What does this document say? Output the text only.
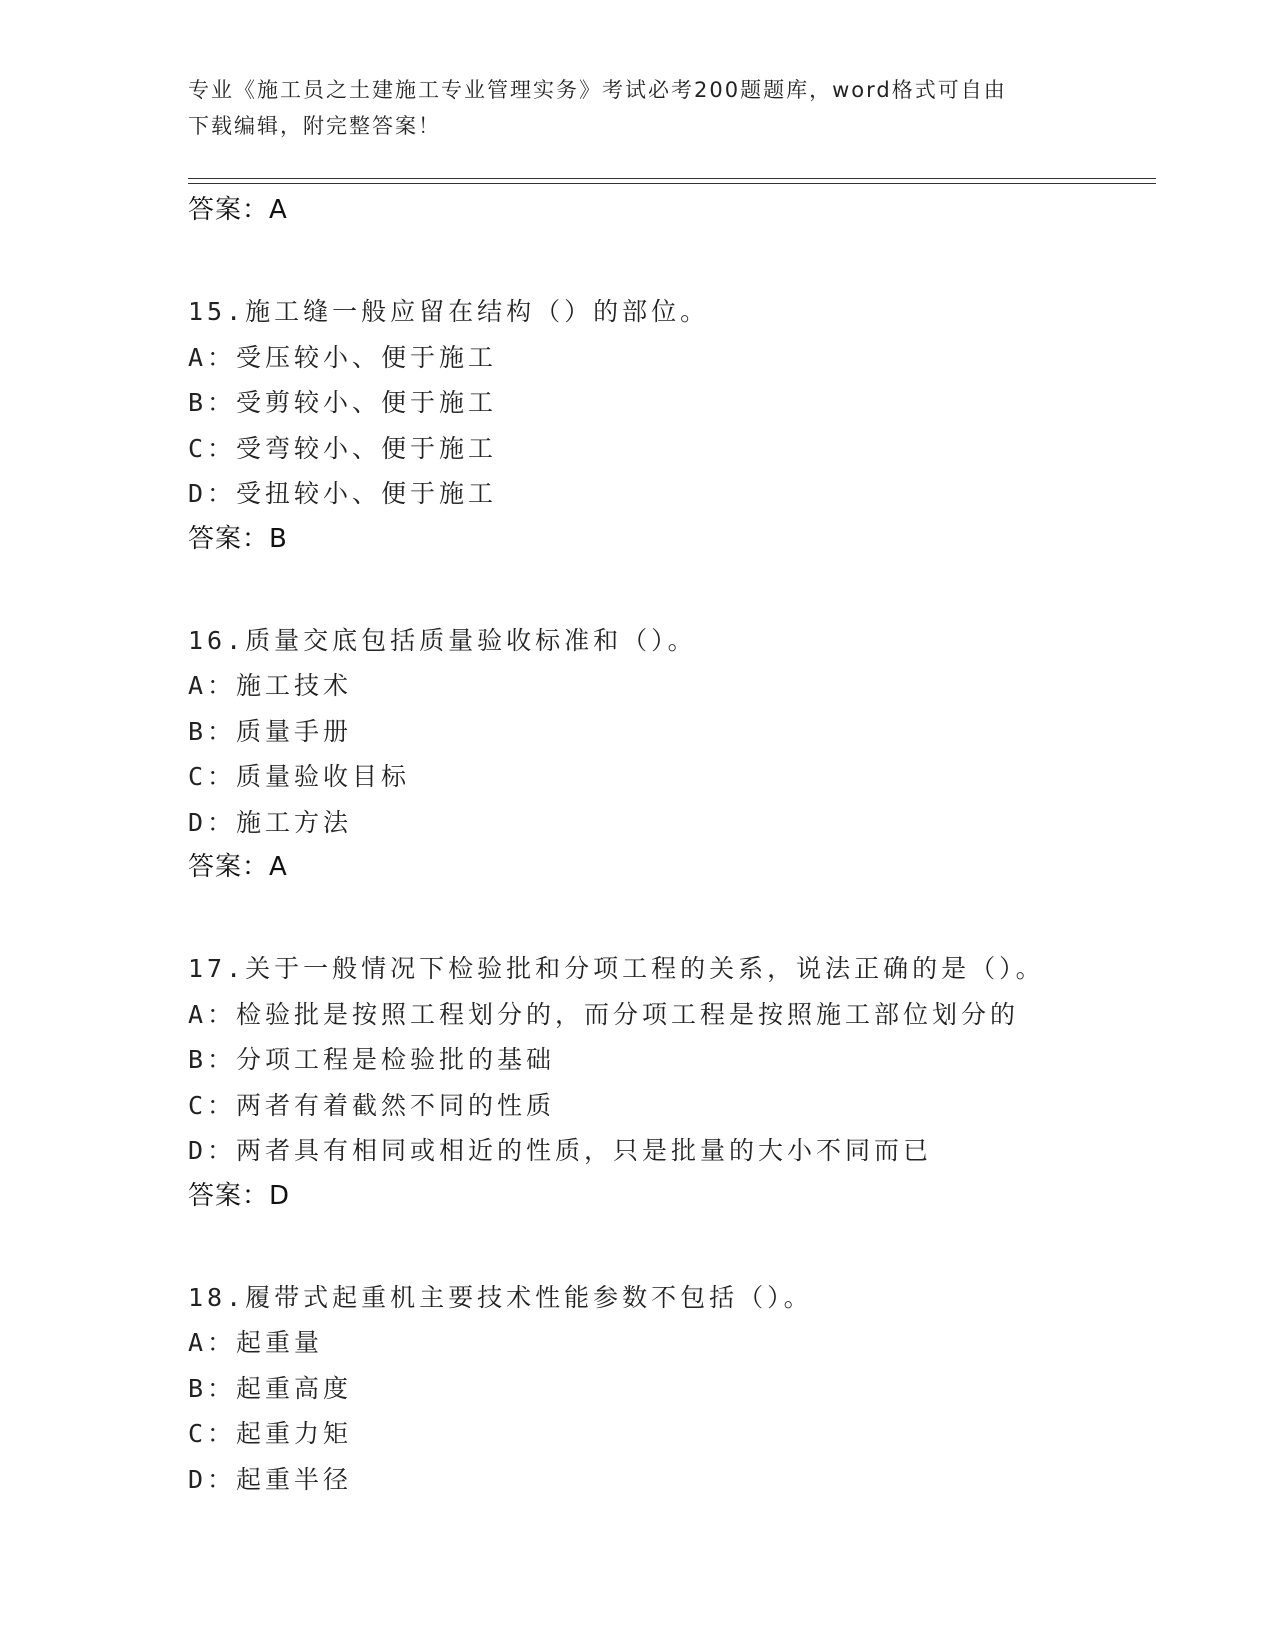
专业《施工员之土建施工专业管理实务》考试必考200题题库，word格式可自由
下载编辑，附完整答案！
答案：A
15.施工缝一般应留在结构（）的部位。
A：受压较小、便于施工
B：受剪较小、便于施工
C：受弯较小、便于施工
D：受扭较小、便于施工
答案：B
16.质量交底包括质量验收标准和（）。
A：施工技术
B：质量手册
C：质量验收目标
D：施工方法
答案：A
17.关于一般情况下检验批和分项工程的关系，说法正确的是（）。
A：检验批是按照工程划分的，而分项工程是按照施工部位划分的
B：分项工程是检验批的基础
C：两者有着截然不同的性质
D：两者具有相同或相近的性质，只是批量的大小不同而已
答案：D
18.履带式起重机主要技术性能参数不包括（）。
A：起重量
B：起重高度
C：起重力矩
D：起重半径
